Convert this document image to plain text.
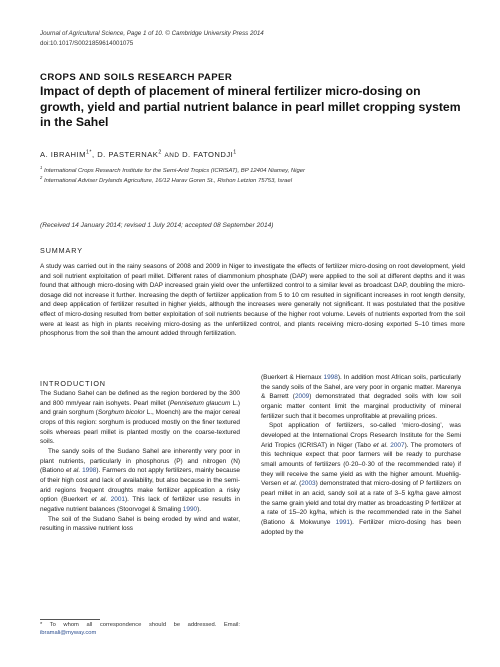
Journal of Agricultural Science, Page 1 of 10. © Cambridge University Press 2014
doi:10.1017/S0021859614001075
CROPS AND SOILS RESEARCH PAPER
Impact of depth of placement of mineral fertilizer micro-dosing on growth, yield and partial nutrient balance in pearl millet cropping system in the Sahel
A. $IBRAHIM^{1*}$, D. PASTERNAK$^2$ AND D. FATONDJI$^1$
$^1$ International Crops Research Institute for the Semi-Arid Tropics (ICRISAT), BP 12404 Niamey, Niger
$^2$ International Adviser Drylands Agriculture, 16/12 Harav Goren St., Rishon Letzion 75753, Israel
(Received 14 January 2014; revised 1 July 2014; accepted 08 September 2014)
SUMMARY
A study was carried out in the rainy seasons of 2008 and 2009 in Niger to investigate the effects of fertilizer micro-dosing on root development, yield and soil nutrient exploitation of pearl millet. Different rates of diammonium phosphate (DAP) were applied to the soil at different depths and it was found that although micro-dosing with DAP increased grain yield over the unfertilized control to a similar level as broadcast DAP, doubling the micro-dosage did not increase it further. Increasing the depth of fertilizer application from 5 to 10 cm resulted in significant increases in root length density, and deep application of fertilizer resulted in higher yields, although the increases were generally not significant. It was postulated that the positive effect of micro-dosing resulted from better exploitation of soil nutrients because of the higher root volume. Levels of nutrients exported from the soil were at least as high in plants receiving micro-dosing as the unfertilized control, and plants receiving micro-dosing exported 5–10 times more phosphorus from the soil than the amount added through fertilization.
INTRODUCTION

The Sudano Sahel can be defined as the region bordered by the 300 and 800 mm/year rain isohyets. Pearl millet (Pennisetum glaucum L.) and grain sorghum (Sorghum bicolor L., Moench) are the major cereal crops of this region: sorghum is produced mostly on the finer textured soils whereas pearl millet is planted mostly on the coarse-textured soils.

The sandy soils of the Sudano Sahel are inherently very poor in plant nutrients, particularly in phosphorus (P) and nitrogen (N) (Bationo et al. 1998). Farmers do not apply fertilizers, mainly because of their high cost and lack of availability, but also because in the semi-arid regions frequent droughts make fertilizer application a risky option (Buerkert et al. 2001). This lack of fertilizer use results in negative nutrient balances (Stoorvogel & Smaling 1990).

The soil of the Sudano Sahel is being eroded by wind and water, resulting in massive nutrient loss

* To whom all correspondence should be addressed. Email: ibramali@myway.com

(Buerkert & Hiernaux 1998). In addition most African soils, particularly the sandy soils of the Sahel, are very poor in organic matter. Marenya & Barrett (2009) demonstrated that degraded soils with low soil organic matter content limit the marginal productivity of mineral fertilizer such that it becomes unprofitable at prevailing prices.

Spot application of fertilizers, so-called ‘micro-dosing’, was developed at the International Crops Research Institute for the Semi Arid Tropics (ICRISAT) in Niger (Tabo et al. 2007). The promoters of this technique expect that poor farmers will be ready to purchase small amounts of fertilizers (0·20–0·30 of the recommended rate) if they will receive the same yield as with the higher amount. Muehlig-Versen et al. (2003) demonstrated that micro-dosing of P fertilizers on pearl millet in an acid, sandy soil at a rate of 3–5 kg/ha gave almost the same grain yield and total dry matter as broadcasting P fertilizer at a rate of 15–20 kg/ha, which is the recommended rate in the Sahel (Bationo & Mokwunye 1991). Fertilizer micro-dosing has been adopted by the
